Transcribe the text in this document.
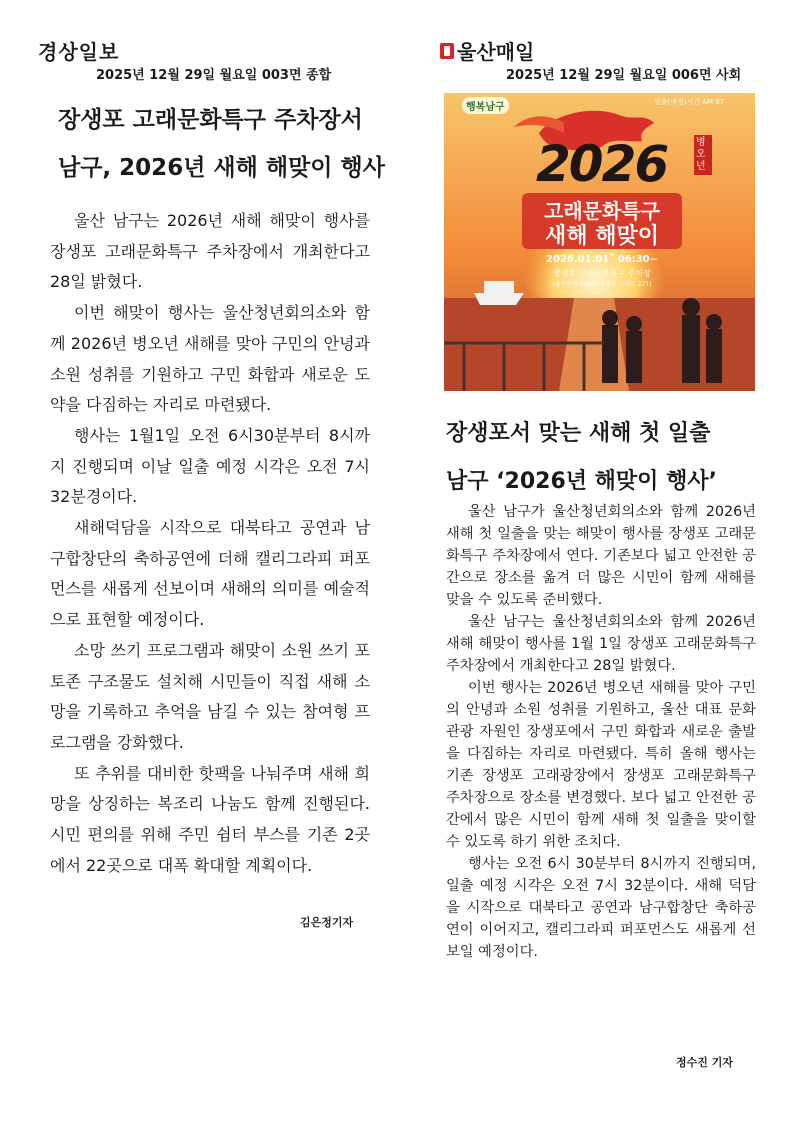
경상일보
2025년 12월 29일 월요일 003면 종합
장생포 고래문화특구 주차장서
남구, 2026년 새해 해맞이 행사

울산 남구는 2026년 새해 해맞이 행사를 장생포 고래문화특구 주차장에서 개최한다고 28일 밝혔다.

이번 해맞이 행사는 울산청년회의소와 함께 2026년 병오년 새해를 맞아 구민의 안녕과 소원 성취를 기원하고 구민 화합과 새로운 도약을 다짐하는 자리로 마련됐다.

행사는 1월1일 오전 6시30분부터 8시까지 진행되며 이날 일출 예정 시각은 오전 7시32분경이다.

새해덕담을 시작으로 대북타고 공연과 남구합창단의 축하공연에 더해 캘리그라피 퍼포먼스를 새롭게 선보이며 새해의 의미를 예술적으로 표현할 예정이다.

소망 쓰기 프로그램과 해맞이 소원 쓰기 포토존 구조물도 설치해 시민들이 직접 새해 소망을 기록하고 추억을 남길 수 있는 참여형 프로그램을 강화했다.

또 추위를 대비한 핫팩을 나눠주며 새해 희망을 상징하는 복조리 나눔도 함께 진행된다. 시민 편의를 위해 주민 쉼터 부스를 기존 2곳에서 22곳으로 대폭 확대할 계획이다.

김은정기자
울산매일
2025년 12월 29일 월요일 006면 사회
행복남구	일출(예정)시간 AM 07
2026	병오년
고래문화특구
새해 해맞이
2026.01.01˚ 06:30~
장생포 고래문화특구 주차장
(울산광역시 남구 장생포 고래로 271)
장생포서 맞는 새해 첫 일출
남구 ‘2026년 해맞이 행사’

울산 남구가 울산청년회의소와 함께 2026년 새해 첫 일출을 맞는 해맞이 행사를 장생포 고래문화특구 주차장에서 연다. 기존보다 넓고 안전한 공간으로 장소를 옮겨 더 많은 시민이 함께 새해를 맞을 수 있도록 준비했다.

울산 남구는 울산청년회의소와 함께 2026년 새해 해맞이 행사를 1월 1일 장생포 고래문화특구 주차장에서 개최한다고 28일 밝혔다.

이번 행사는 2026년 병오년 새해를 맞아 구민의 안녕과 소원 성취를 기원하고, 울산 대표 문화관광 자원인 장생포에서 구민 화합과 새로운 출발을 다짐하는 자리로 마련됐다. 특히 올해 행사는 기존 장생포 고래광장에서 장생포 고래문화특구 주차장으로 장소를 변경했다. 보다 넓고 안전한 공간에서 많은 시민이 함께 새해 첫 일출을 맞이할 수 있도록 하기 위한 조치다.

행사는 오전 6시 30분부터 8시까지 진행되며, 일출 예정 시각은 오전 7시 32분이다. 새해 덕담을 시작으로 대북타고 공연과 남구합창단 축하공연이 이어지고, 캘리그라피 퍼포먼스도 새롭게 선보일 예정이다.

정수진 기자
